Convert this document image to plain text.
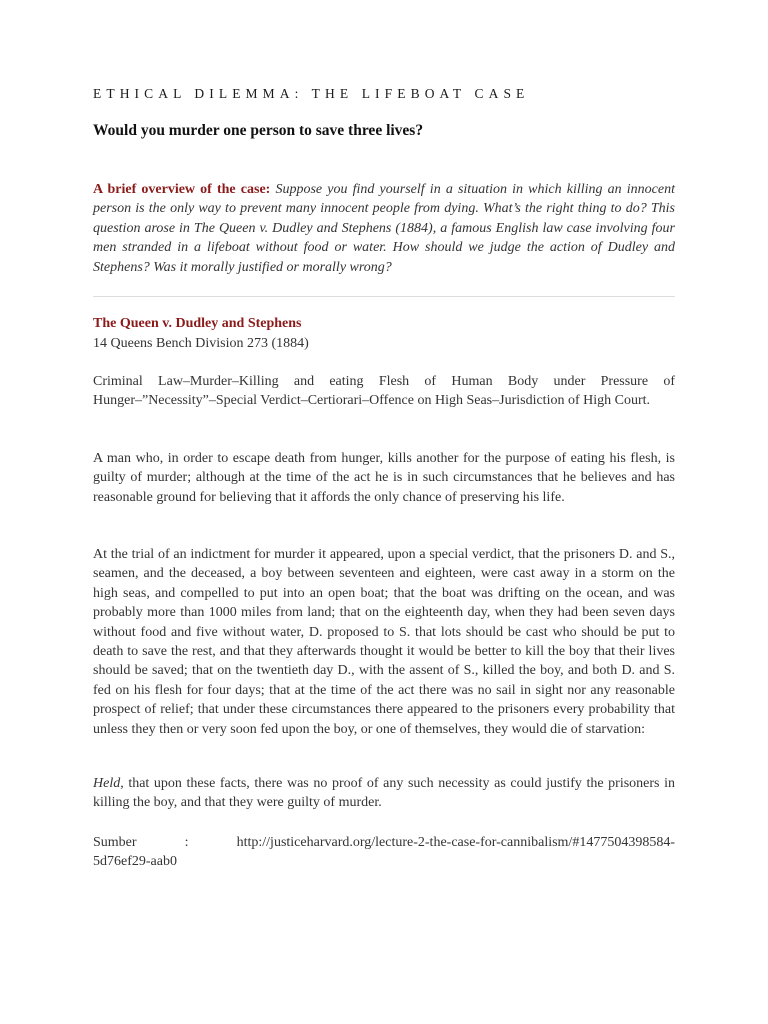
ETHICAL DILEMMA: THE LIFEBOAT CASE
Would you murder one person to save three lives?
A brief overview of the case: Suppose you find yourself in a situation in which killing an innocent person is the only way to prevent many innocent people from dying. What’s the right thing to do? This question arose in The Queen v. Dudley and Stephens (1884), a famous English law case involving four men stranded in a lifeboat without food or water. How should we judge the action of Dudley and Stephens? Was it morally justified or morally wrong?
The Queen v. Dudley and Stephens
14 Queens Bench Division 273 (1884)

Criminal Law–Murder–Killing and eating Flesh of Human Body under Pressure of Hunger–”Necessity”–Special Verdict–Certiorari–Offence on High Seas–Jurisdiction of High Court.

A man who, in order to escape death from hunger, kills another for the purpose of eating his flesh, is guilty of murder; although at the time of the act he is in such circumstances that he believes and has reasonable ground for believing that it affords the only chance of preserving his life.

At the trial of an indictment for murder it appeared, upon a special verdict, that the prisoners D. and S., seamen, and the deceased, a boy between seventeen and eighteen, were cast away in a storm on the high seas, and compelled to put into an open boat; that the boat was drifting on the ocean, and was probably more than 1000 miles from land; that on the eighteenth day, when they had been seven days without food and five without water, D. proposed to S. that lots should be cast who should be put to death to save the rest, and that they afterwards thought it would be better to kill the boy that their lives should be saved; that on the twentieth day D., with the assent of S., killed the boy, and both D. and S. fed on his flesh for four days; that at the time of the act there was no sail in sight nor any reasonable prospect of relief; that under these circumstances there appeared to the prisoners every probability that unless they then or very soon fed upon the boy, or one of themselves, they would die of starvation:

Held, that upon these facts, there was no proof of any such necessity as could justify the prisoners in killing the boy, and that they were guilty of murder.

Sumber	:	http://justiceharvard.org/lecture-2-the-case-for-cannibalism/#1477504398584-
5d76ef29-aab0
